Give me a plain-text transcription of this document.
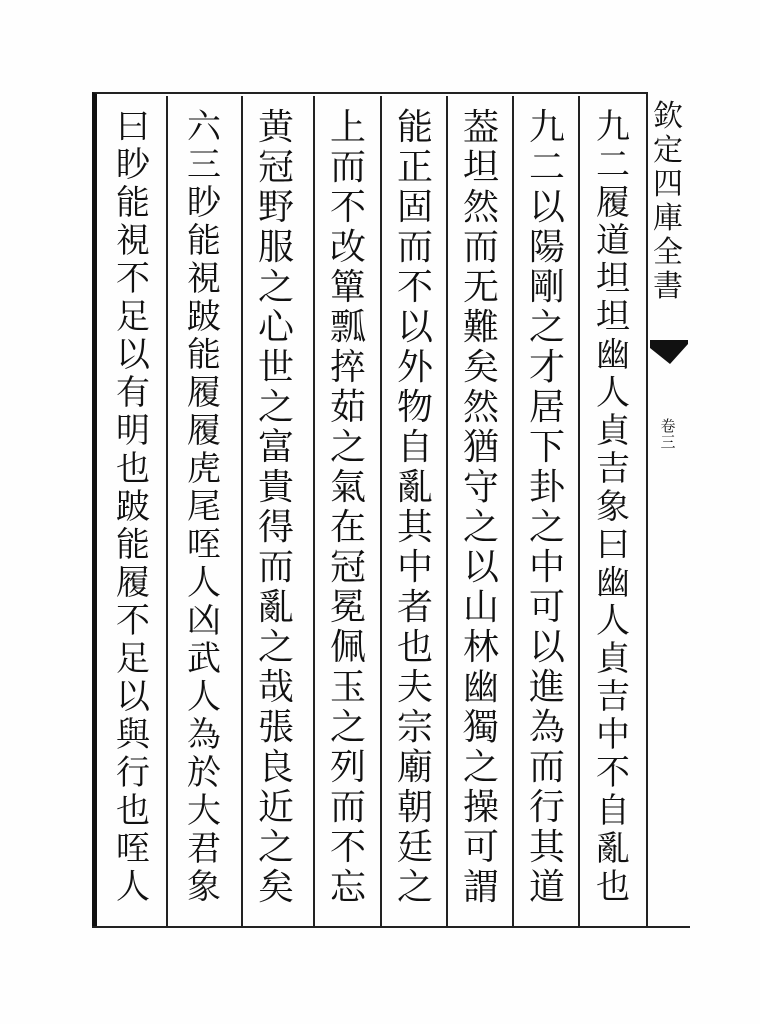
九
二
履
道
坦
坦
幽
人
貞
吉
象
曰
幽
人
貞
吉
中
不
自
亂
也
九
二
以
陽
剛
之
才
居
下
卦
之
中
可
以
進
為
而
行
其
道
葢
坦
然
而
无
難
矣
然
猶
守
之
以
山
林
幽
獨
之
操
可
謂
能
正
固
而
不
以
外
物
自
亂
其
中
者
也
夫
宗
廟
朝
廷
之
上
而
不
改
簞
瓢
捽
茹
之
氣
在
冠
冕
佩
玉
之
列
而
不
忘
黄
冠
野
服
之
心
世
之
富
貴
得
而
亂
之
哉
張
良
近
之
矣
六
三
眇
能
視
跛
能
履
履
虎
尾
咥
人
凶
武
人
為
於
大
君
象
曰
眇
能
視
不
足
以
有
明
也
跛
能
履
不
足
以
與
行
也
咥
人
欽
定
四
庫
全
書
卷
三
